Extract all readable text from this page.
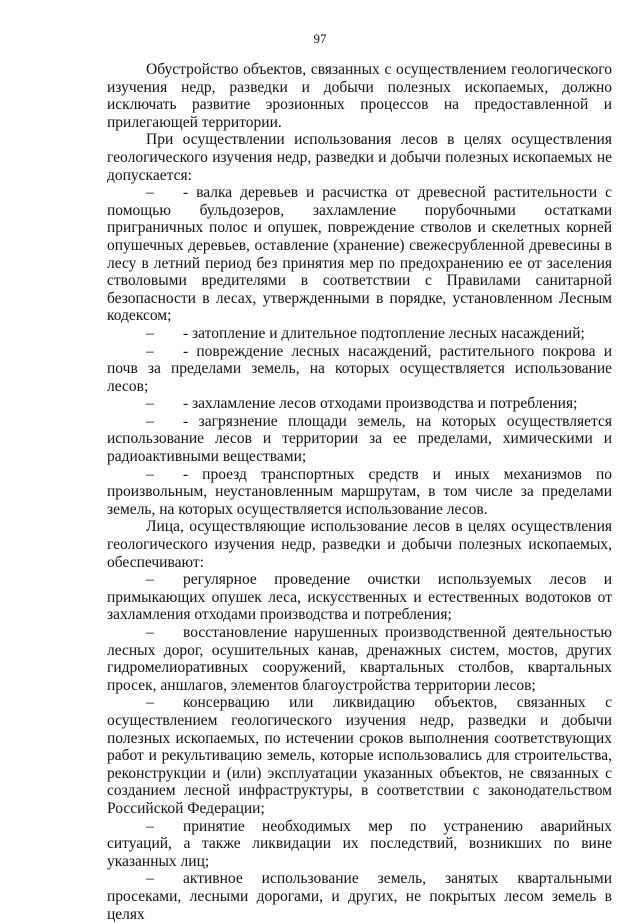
97

Обустройство объектов, связанных с осуществлением геологического изучения недр, разведки и добычи полезных ископаемых, должно исключать развитие эрозионных процессов на предоставленной и прилегающей территории.

При осуществлении использования лесов в целях осуществления геологического изучения недр, разведки и добычи полезных ископаемых не допускается:

– - валка деревьев и расчистка от древесной растительности с помощью бульдозеров, захламление порубочными остатками приграничных полос и опушек, повреждение стволов и скелетных корней опушечных деревьев, оставление (хранение) свежесрубленной древесины в лесу в летний период без принятия мер по предохранению ее от заселения стволовыми вредителями в соответствии с Правилами санитарной безопасности в лесах, утвержденными в порядке, установленном Лесным кодексом;

– - затопление и длительное подтопление лесных насаждений;

– - повреждение лесных насаждений, растительного покрова и почв за пределами земель, на которых осуществляется использование лесов;

– - захламление лесов отходами производства и потребления;

– - загрязнение площади земель, на которых осуществляется использование лесов и территории за ее пределами, химическими и радиоактивными веществами;

– - проезд транспортных средств и иных механизмов по произвольным, неустановленным маршрутам, в том числе за пределами земель, на которых осуществляется использование лесов.

Лица, осуществляющие использование лесов в целях осуществления геологического изучения недр, разведки и добычи полезных ископаемых, обеспечивают:

– регулярное проведение очистки используемых лесов и примыкающих опушек леса, искусственных и естественных водотоков от захламления отходами производства и потребления;

– восстановление нарушенных производственной деятельностью лесных дорог, осушительных канав, дренажных систем, мостов, других гидромелиоративных сооружений, квартальных столбов, квартальных просек, аншлагов, элементов благоустройства территории лесов;

– консервацию или ликвидацию объектов, связанных с осуществлением геологического изучения недр, разведки и добычи полезных ископаемых, по истечении сроков выполнения соответствующих работ и рекультивацию земель, которые использовались для строительства, реконструкции и (или) эксплуатации указанных объектов, не связанных с созданием лесной инфраструктуры, в соответствии с законодательством Российской Федерации;

– принятие необходимых мер по устранению аварийных ситуаций, а также ликвидации их последствий, возникших по вине указанных лиц;

– активное использование земель, занятых квартальными просеками, лесными дорогами, и других, не покрытых лесом земель в целях
